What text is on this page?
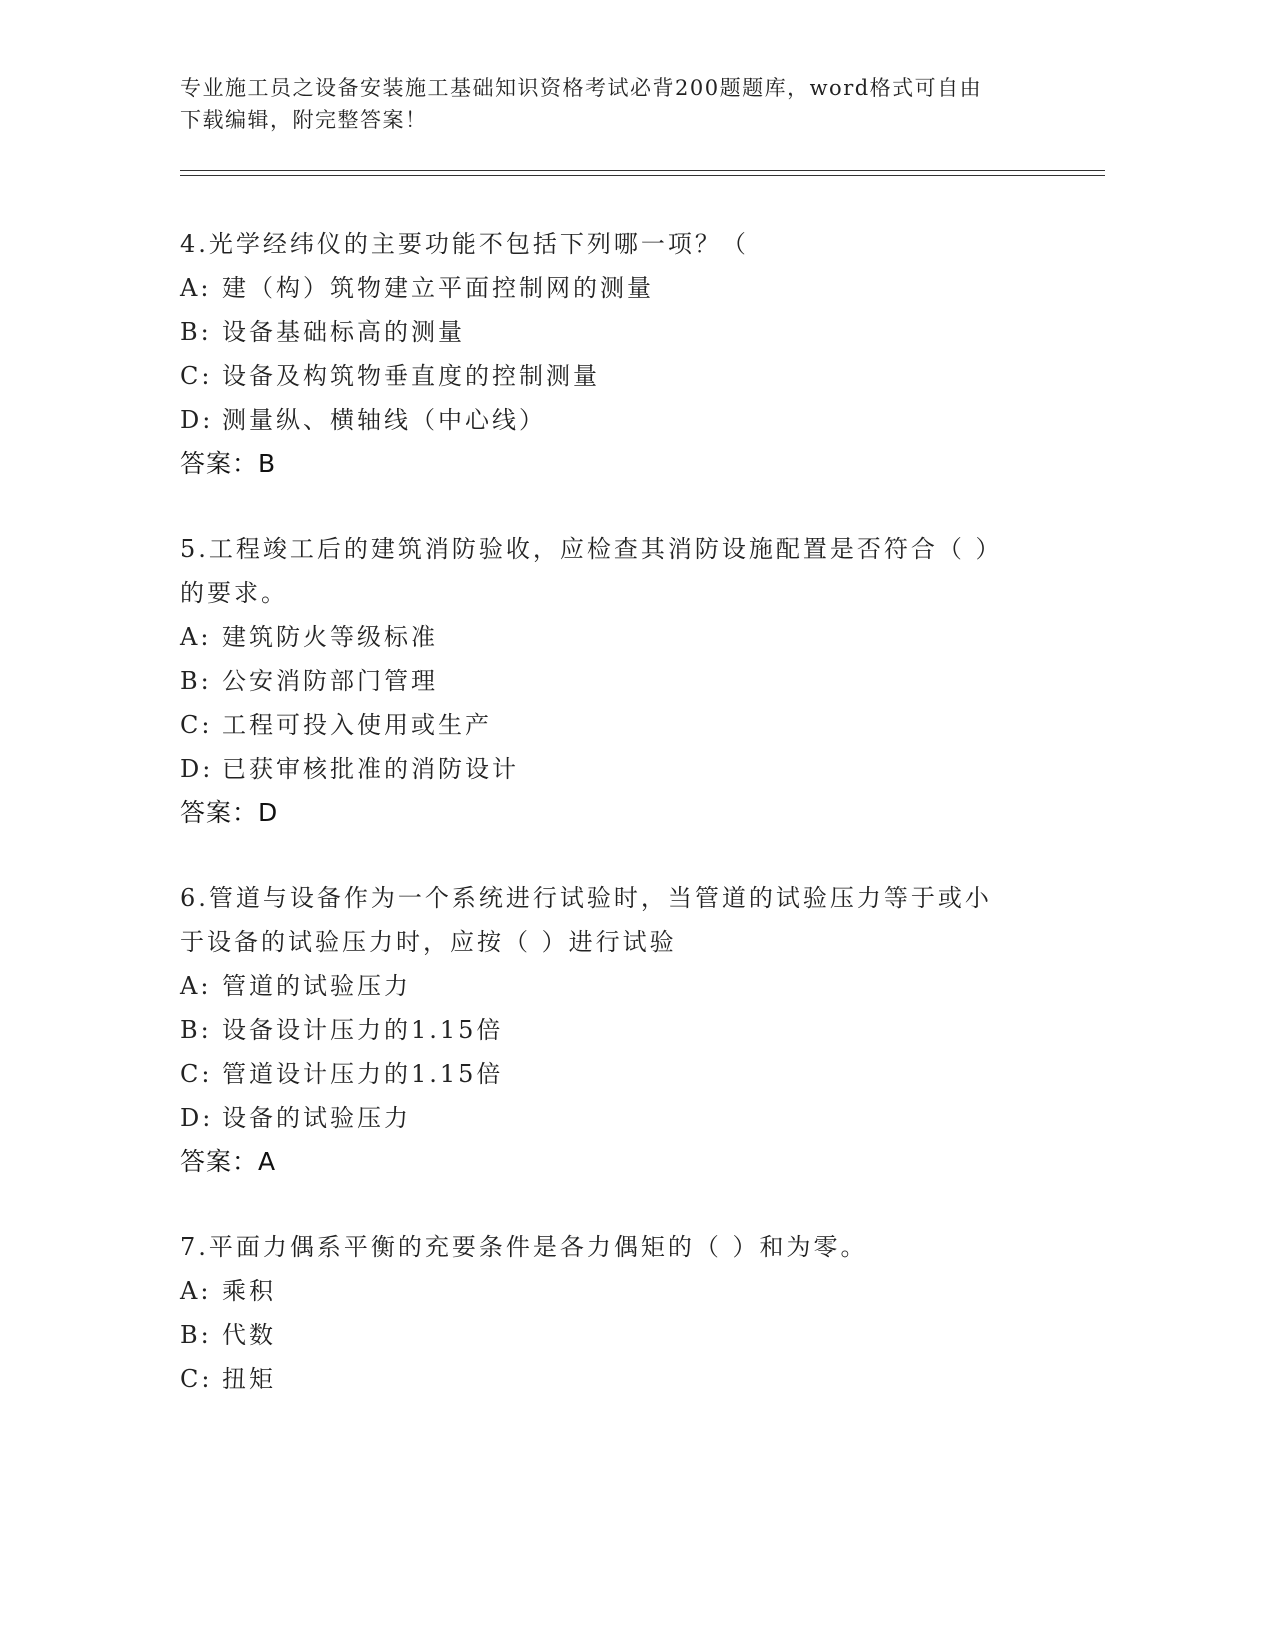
专业施工员之设备安装施工基础知识资格考试必背200题题库，word格式可自由
下载编辑，附完整答案！
4.光学经纬仪的主要功能不包括下列哪一项？（
A: 建（构）筑物建立平面控制网的测量
B: 设备基础标高的测量
C: 设备及构筑物垂直度的控制测量
D: 测量纵、横轴线（中心线）
答案：B
5.工程竣工后的建筑消防验收，应检查其消防设施配置是否符合（ ）
的要求。
A: 建筑防火等级标准
B: 公安消防部门管理
C: 工程可投入使用或生产
D: 已获审核批准的消防设计
答案：D
6.管道与设备作为一个系统进行试验时，当管道的试验压力等于或小
于设备的试验压力时，应按（ ）进行试验
A: 管道的试验压力
B: 设备设计压力的1.15倍
C: 管道设计压力的1.15倍
D: 设备的试验压力
答案：A
7.平面力偶系平衡的充要条件是各力偶矩的（ ）和为零。
A: 乘积
B: 代数
C: 扭矩
